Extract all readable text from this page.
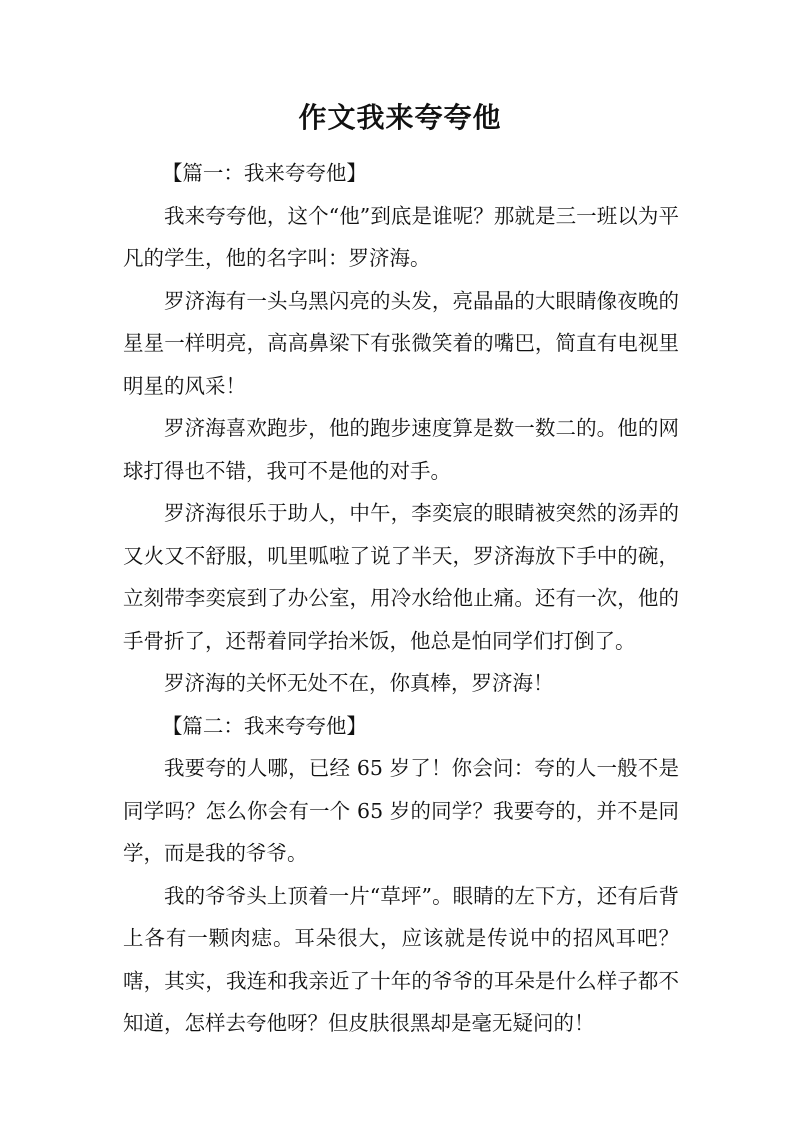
作文我来夸夸他

【篇一：我来夸夸他】

我来夸夸他，这个“他”到底是谁呢？那就是三一班以为平凡的学生，他的名字叫：罗济海。

罗济海有一头乌黑闪亮的头发，亮晶晶的大眼睛像夜晚的星星一样明亮，高高鼻梁下有张微笑着的嘴巴，简直有电视里明星的风采！

罗济海喜欢跑步，他的跑步速度算是数一数二的。他的网球打得也不错，我可不是他的对手。

罗济海很乐于助人，中午，李奕宸的眼睛被突然的汤弄的又火又不舒服，叽里呱啦了说了半天，罗济海放下手中的碗，立刻带李奕宸到了办公室，用冷水给他止痛。还有一次，他的手骨折了，还帮着同学抬米饭，他总是怕同学们打倒了。

罗济海的关怀无处不在，你真棒，罗济海！

【篇二：我来夸夸他】

我要夸的人哪，已经 65 岁了！你会问：夸的人一般不是同学吗？怎么你会有一个 65 岁的同学？我要夸的，并不是同学，而是我的爷爷。

我的爷爷头上顶着一片“草坪”。眼睛的左下方，还有后背上各有一颗肉痣。耳朵很大，应该就是传说中的招风耳吧？嗐，其实，我连和我亲近了十年的爷爷的耳朵是什么样子都不知道，怎样去夸他呀？但皮肤很黑却是毫无疑问的！
